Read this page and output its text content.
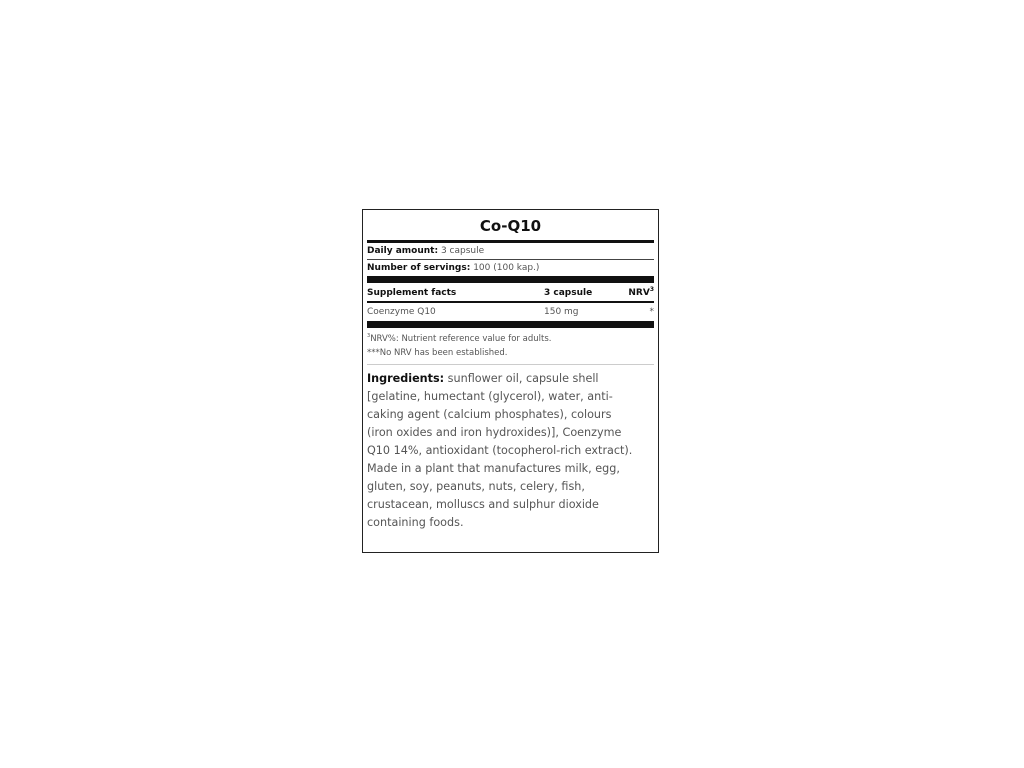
Co-Q10
Daily amount: 3 capsule
Number of servings: 100 (100 kap.)
Supplement facts	3 capsule	NRV$^3$
Coenzyme Q10	150 mg	*
$^3$NRV%: Nutrient reference value for adults.
***No NRV has been established.
Ingredients: sunflower oil, capsule shell [gelatine, humectant (glycerol), water, anti-caking agent (calcium phosphates), colours (iron oxides and iron hydroxides)], Coenzyme Q10 14%, antioxidant (tocopherol-rich extract). Made in a plant that manufactures milk, egg, gluten, soy, peanuts, nuts, celery, fish, crustacean, molluscs and sulphur dioxide containing foods.
